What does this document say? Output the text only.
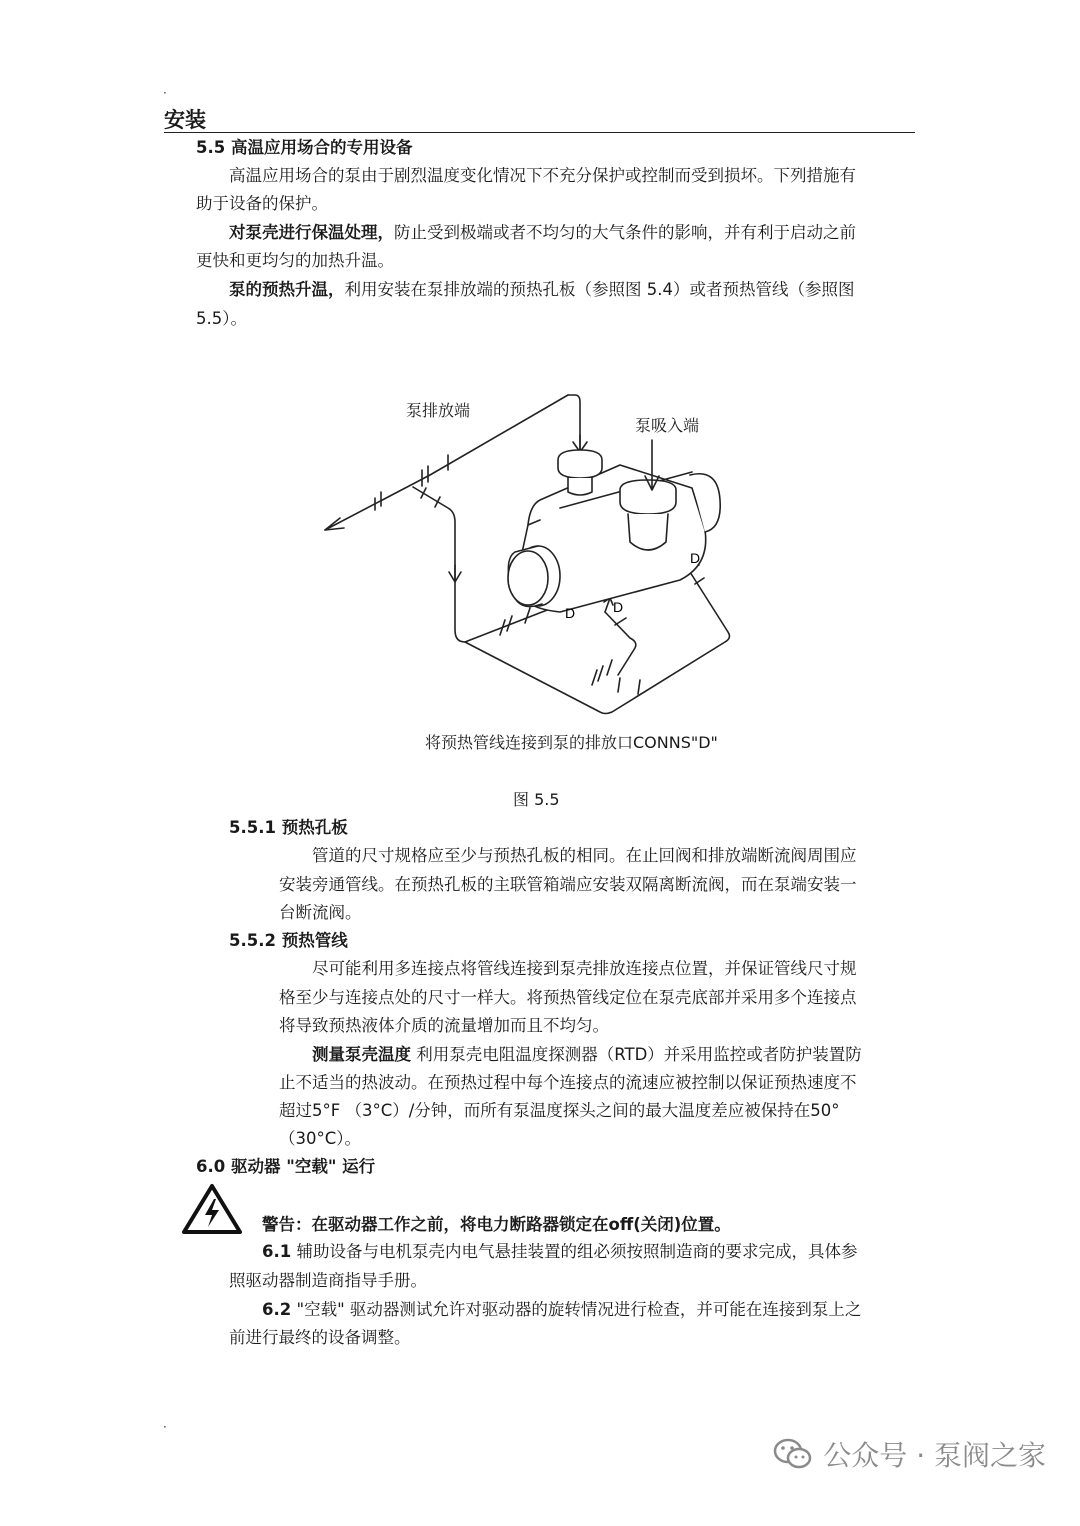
·
安装
5.5 高温应用场合的专用设备
高温应用场合的泵由于剧烈温度变化情况下不充分保护或控制而受到损坏。下列措施有
助于设备的保护。
对泵壳进行保温处理，防止受到极端或者不均匀的大气条件的影响，并有利于启动之前
更快和更均匀的加热升温。
泵的预热升温，利用安装在泵排放端的预热孔板（参照图 5.4）或者预热管线（参照图
5.5）。
D	D
D
泵排放端
泵吸入端
将预热管线连接到泵的排放口CONNS"D"
图 5.5
5.5.1 预热孔板
管道的尺寸规格应至少与预热孔板的相同。在止回阀和排放端断流阀周围应
安装旁通管线。在预热孔板的主联管箱端应安装双隔离断流阀，而在泵端安装一
台断流阀。
5.5.2 预热管线
尽可能利用多连接点将管线连接到泵壳排放连接点位置，并保证管线尺寸规
格至少与连接点处的尺寸一样大。将预热管线定位在泵壳底部并采用多个连接点
将导致预热液体介质的流量增加而且不均匀。
测量泵壳温度 利用泵壳电阻温度探测器（RTD）并采用监控或者防护装置防
止不适当的热波动。在预热过程中每个连接点的流速应被控制以保证预热速度不
超过5°F （3°C）/分钟，而所有泵温度探头之间的最大温度差应被保持在50°
（30°C）。
6.0 驱动器 "空载" 运行
警告：在驱动器工作之前，将电力断路器锁定在off(关闭)位置。
6.1 辅助设备与电机泵壳内电气悬挂装置的组必须按照制造商的要求完成，具体参
照驱动器制造商指导手册。
6.2 "空载" 驱动器测试允许对驱动器的旋转情况进行检查，并可能在连接到泵上之
前进行最终的设备调整。
·
公众号 · 泵阀之家
